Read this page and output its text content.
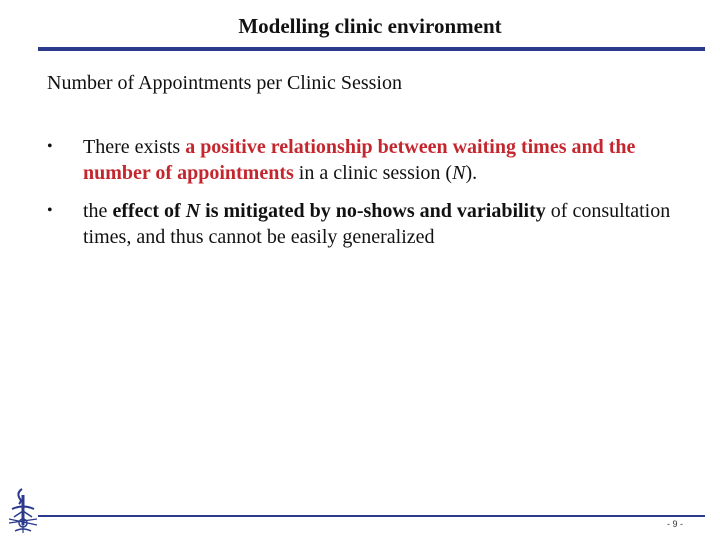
Modelling clinic environment
Number of Appointments per Clinic Session
•	There exists a positive relationship between waiting times and the number of appointments in a clinic session (N).
•	the effect of N is mitigated by no-shows and variability of consultation times, and thus cannot be easily generalized
- 9 -
